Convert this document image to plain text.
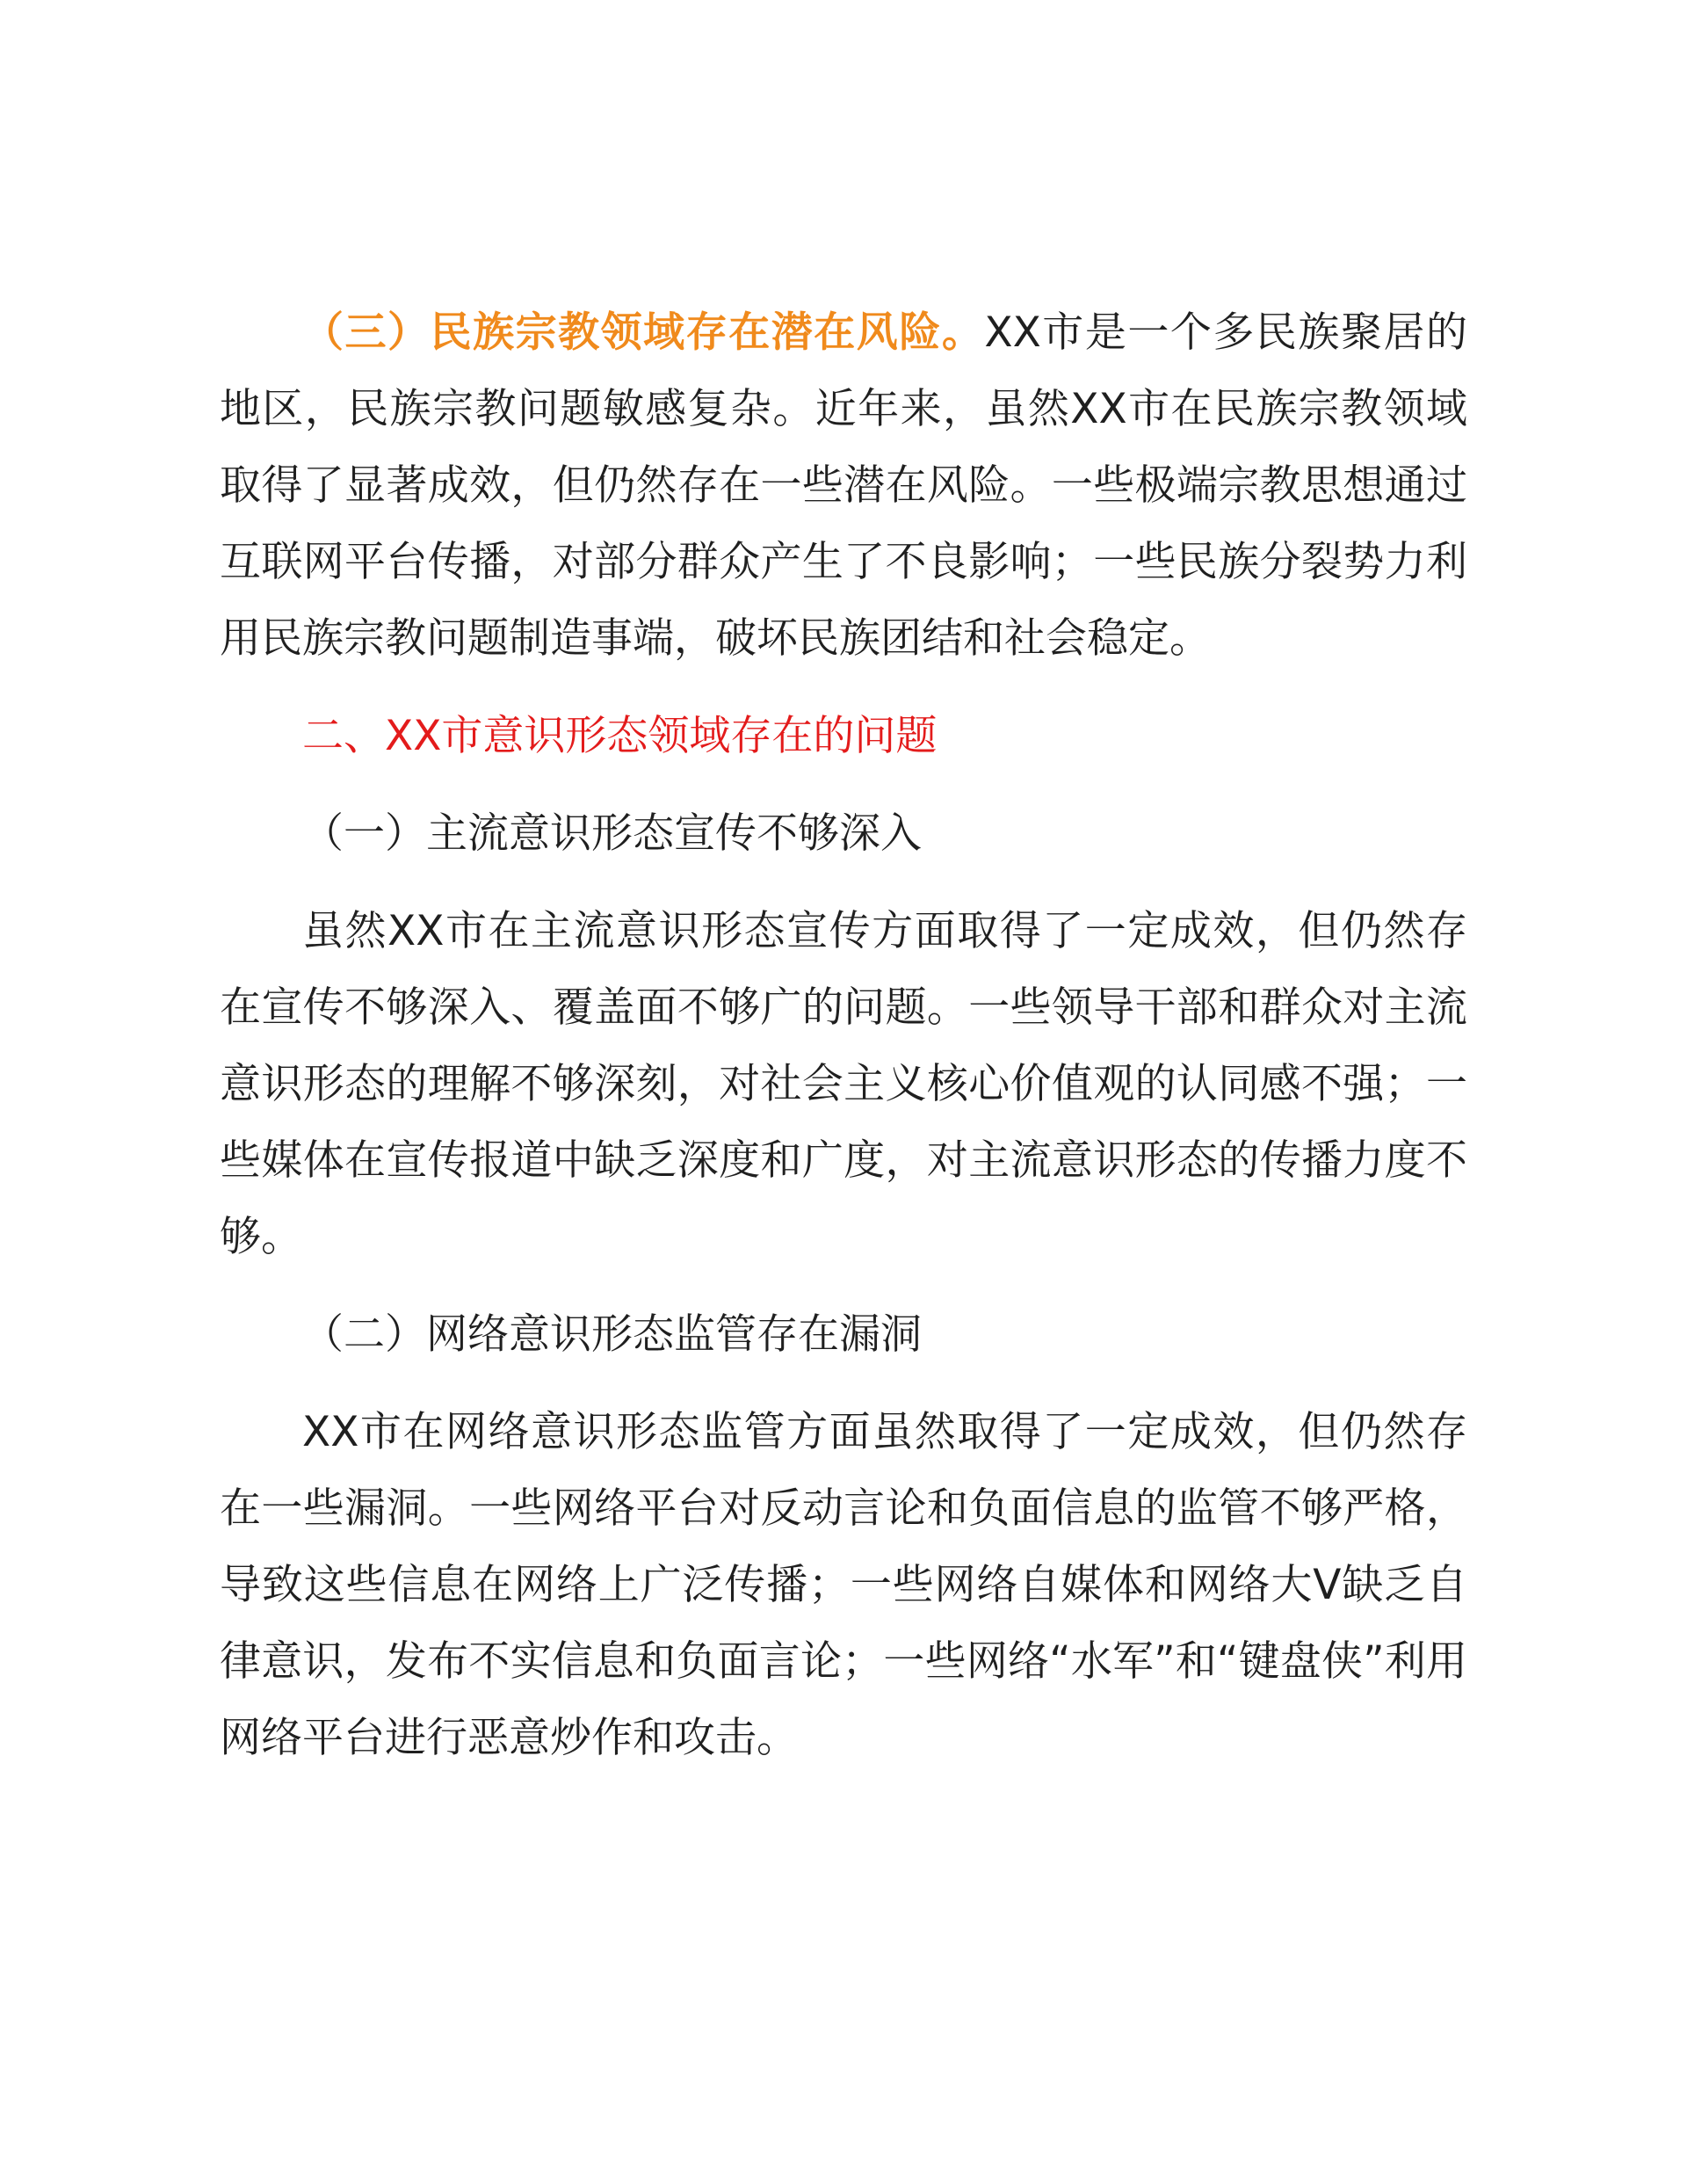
（三）民族宗教领域存在潜在风险。XX市是一个多民族聚居的地区，民族宗教问题敏感复杂。近年来，虽然XX市在民族宗教领域取得了显著成效，但仍然存在一些潜在风险。一些极端宗教思想通过互联网平台传播，对部分群众产生了不良影响；一些民族分裂势力利用民族宗教问题制造事端，破坏民族团结和社会稳定。

二、XX市意识形态领域存在的问题

（一）主流意识形态宣传不够深入

虽然XX市在主流意识形态宣传方面取得了一定成效，但仍然存在宣传不够深入、覆盖面不够广的问题。一些领导干部和群众对主流意识形态的理解不够深刻，对社会主义核心价值观的认同感不强；一些媒体在宣传报道中缺乏深度和广度，对主流意识形态的传播力度不够。

（二）网络意识形态监管存在漏洞

XX市在网络意识形态监管方面虽然取得了一定成效，但仍然存在一些漏洞。一些网络平台对反动言论和负面信息的监管不够严格，导致这些信息在网络上广泛传播；一些网络自媒体和网络大V缺乏自律意识，发布不实信息和负面言论；一些网络“水军”和“键盘侠”利用网络平台进行恶意炒作和攻击。
